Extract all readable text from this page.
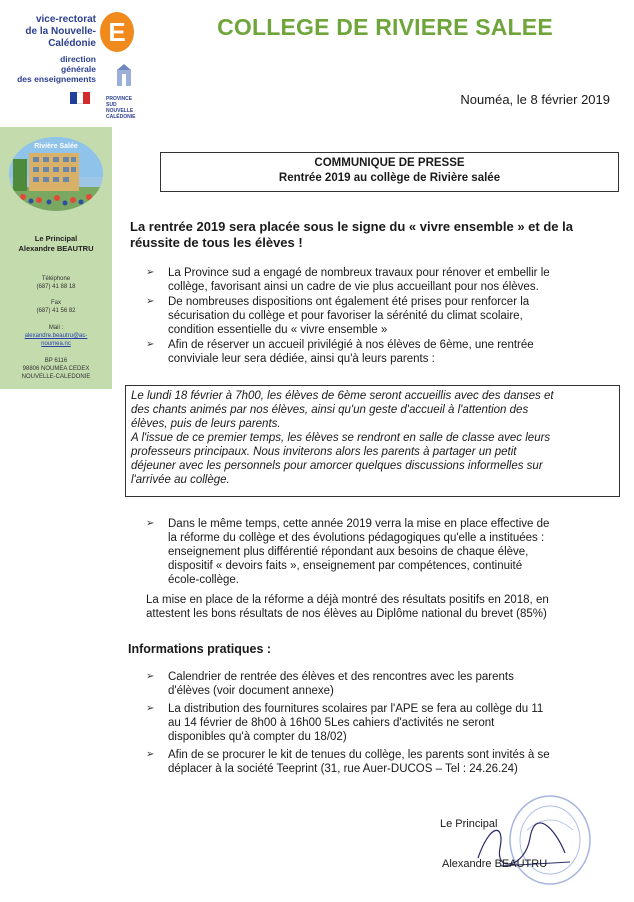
vice-rectorat
de la Nouvelle-Calédonie
direction
générale
des enseignements
E
PROVINCE SUD
NOUVELLE
CALÉDONIE
COLLEGE DE RIVIERE SALEE
Nouméa, le 8 février 2019
Rivière Salée
Le Principal
Alexandre BEAUTRU
Téléphone
(687) 41 88 18
Fax
(687) 41 56 82
Mail :
alexandre.beautru@ac-
noumea.nc
BP 6116
98806 NOUMEA CEDEX
NOUVELLE-CALEDONIE
COMMUNIQUE DE PRESSE
Rentrée 2019 au collège de Rivière salée
La rentrée 2019 sera placée sous le signe du « vivre ensemble » et de la
réussite de tous les élèves !
➢	La Province sud a engagé de nombreux travaux pour rénover et embellir le
collège, favorisant ainsi un cadre de vie plus accueillant pour nos élèves.
➢	De nombreuses dispositions ont également été prises pour renforcer la
sécurisation du collège et pour favoriser la sérénité du climat scolaire,
condition essentielle du « vivre ensemble »
➢	Afin de réserver un accueil privilégié à nos élèves de 6ème, une rentrée
conviviale leur sera dédiée, ainsi qu'à leurs parents :
Le lundi 18 février à 7h00, les élèves de 6ème seront accueillis avec des danses et
des chants animés par nos élèves, ainsi qu'un geste d'accueil à l'attention des
élèves, puis de leurs parents.
A l'issue de ce premier temps, les élèves se rendront en salle de classe avec leurs
professeurs principaux. Nous inviterons alors les parents à partager un petit
déjeuner avec les personnels pour amorcer quelques discussions informelles sur
l'arrivée au collège.
➢	Dans le même temps, cette année 2019 verra la mise en place effective de
la réforme du collège et des évolutions pédagogiques qu'elle a instituées :
enseignement plus différentié répondant aux besoins de chaque élève,
dispositif « devoirs faits », enseignement par compétences, continuité
école-collège.
La mise en place de la réforme a déjà montré des résultats positifs en 2018, en
attestent les bons résultats de nos élèves au Diplôme national du brevet (85%)
Informations pratiques :
➢	Calendrier de rentrée des élèves et des rencontres avec les parents
d'élèves (voir document annexe)
➢	La distribution des fournitures scolaires par l'APE se fera au collège du 11
au 14 février de 8h00 à 16h00 5Les cahiers d'activités ne seront
disponibles qu'à compter du 18/02)
➢	Afin de se procurer le kit de tenues du collège, les parents sont invités à se
déplacer à la société Teeprint (31, rue Auer-DUCOS – Tel : 24.26.24)
Le Principal
Alexandre BEAUTRU
